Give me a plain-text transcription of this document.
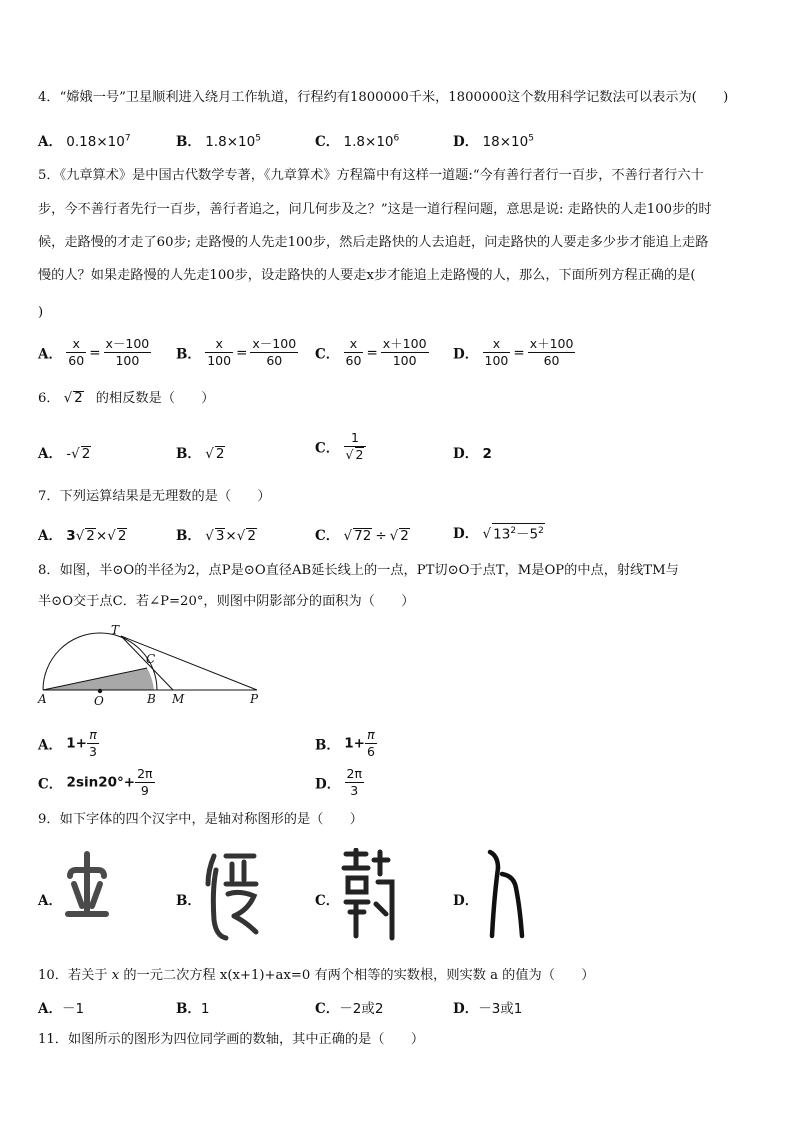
4．“嫦娥一号”卫星顺利进入绕月工作轨道，行程约有1800000千米，1800000这个数用科学记数法可以表示为(　　)
A． $0.18\times 10^7$	B． $1.8\times 10^5$	C． $1.8\times 10^6$	D． $18\times 10^5$
5．《九章算术》是中国古代数学专著，《九章算术》方程篇中有这样一道题:“今有善行者行一百步，不善行者行六十
步，今不善行者先行一百步，善行者追之，问几何步及之？”这是一道行程问题，意思是说: 走路快的人走100步的时
候，走路慢的才走了60步; 走路慢的人先走100步，然后走路快的人去追赶，问走路快的人要走多少步才能追上走路
慢的人？如果走路慢的人先走100步，设走路快的人要走x步才能追上走路慢的人，那么，下面所列方程正确的是(
)
A． $\frac{x}{60} = \frac{x-100}{100}$ B． $\frac{x}{100} = \frac{x-100}{60}$ C． $\frac{x}{60} = \frac{x+100}{100}$ D． $\frac{x}{100} = \frac{x+100}{60}$
6． √ 2 的相反数是（　　）
A． -√ 2	B． √ 2	C． $\frac{1}{√ 2}$	D． 2
7．下列运算结果是无理数的是（　　）
A． 3√ 2×√ 2	B． √ 3×√ 2	C． √ 72 ÷ √ 2	D． √ $13^2-5^2$
8．如图，半⊙O的半径为2，点P是⊙O直径AB延长线上的一点，PT切⊙O于点T，M是OP的中点，射线TM与
半⊙O交于点C．若∠P=20°，则图中阴影部分的面积为（　　）
T
C
A	O	B M	P
A． $1+ \frac{\pi}{3}$	B． $1+ \frac{\pi}{6}$
C． $2\sin 20^\circ+ \frac{2\pi}{9}$	D． $\frac{2\pi}{3}$
9．如下字体的四个汉字中，是轴对称图形的是（　　）
A．	B．	C．	D．
10．若关于 x 的一元二次方程 x(x+1)+ax=0 有两个相等的实数根，则实数 a 的值为（　　）
A．－1	B．1	C．－2或2	D．－3或1
11．如图所示的图形为四位同学画的数轴，其中正确的是（　　）
